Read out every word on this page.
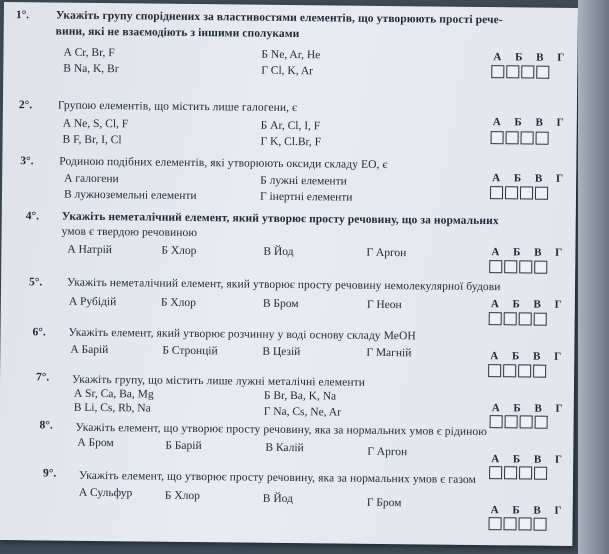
1°. Укажіть групу споріднених за властивостями елементів, що утворюють прості рече-
вини, які не взаємодіють з іншими сполуками
А Cr, Br, F	Б Ne, Ar, He
В Na, K, Br	Г Cl, K, Ar
А Б В Г
2°. Групою елементів, що містить лише галогени, є
А Ne, S, Cl, F	Б Ar, Cl, I, F
В F, Br, I, Cl	Г K, Cl.Br, F
А Б В Г
3°. Родиною подібних елементів, які утворюють оксиди складу ЕО, є
А галогени	Б лужні елементи
В лужноземельні елементи	Г інертні елементи
А Б В Г
4°. Укажіть неметалічний елемент, який утворює просту речовину, що за нормальних
умов є твердою речовиною
А Натрій	Б Хлор	В Йод	Г Аргон	А Б В Г
5°. Укажіть неметалічний елемент, який утворює просту речовину немолекулярної будови
А Рубідій	Б Хлор	В Бром	Г Неон	А Б В Г
6°. Укажіть елемент, який утворює розчинну у воді основу складу МеОН
А Барій	Б Стронцій	В Цезій	Г Магній	А Б В Г
7°. Укажіть групу, що містить лише лужні металічні елементи
А Sr, Ca, Ba, Mg	Б Br, Ba, K, Na
В Li, Cs, Rb, Na	Г Na, Cs, Ne, Ar	А Б В Г
8°. Укажіть елемент, що утворює просту речовину, яка за нормальних умов є рідиною
А Бром	Б Барій	В Калій	Г Аргон
А Б В Г
9°. Укажіть елемент, що утворює просту речовину, яка за нормальних умов є газом
А Сульфур	Б Хлор	В Йод	Г Бром
А Б В Г
